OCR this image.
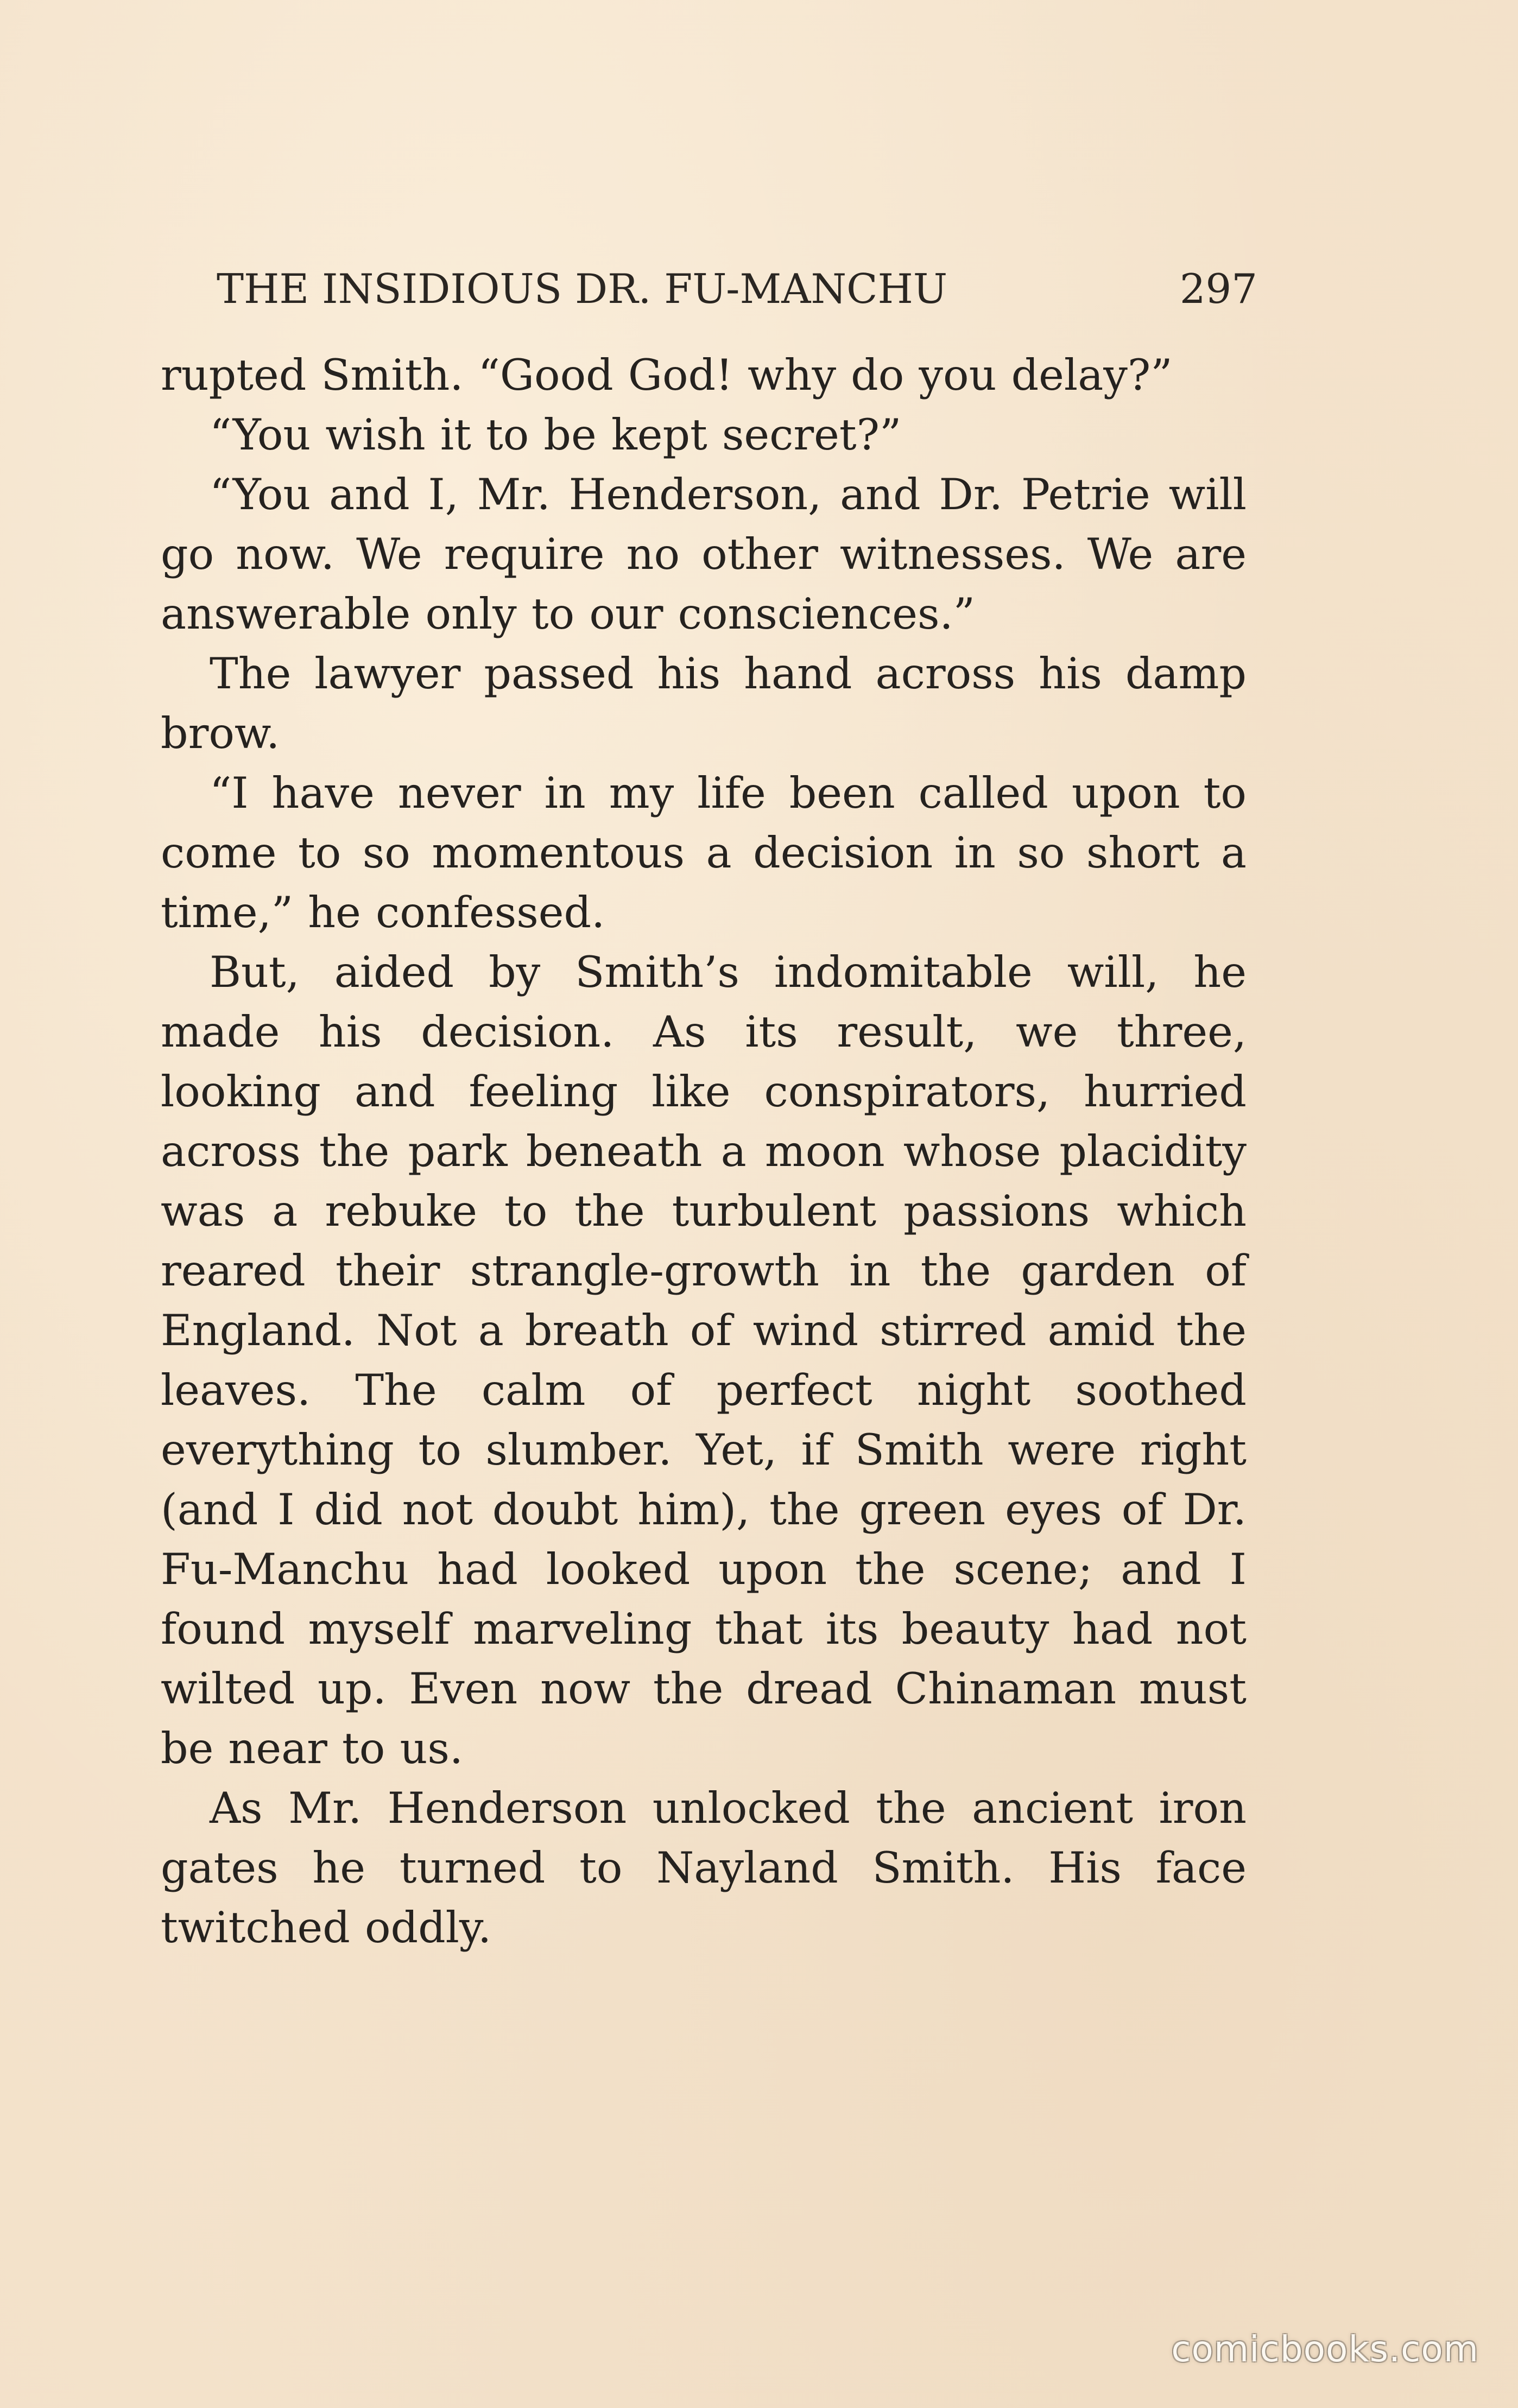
THE INSIDIOUS DR. FU-MANCHU	297

rupted Smith. “Good God! why do you delay?”

“You wish it to be kept secret?”

“You and I, Mr. Henderson, and Dr. Petrie will go now. We require no other witnesses. We are answerable only to our consciences.”

The lawyer passed his hand across his damp brow.

“I have never in my life been called upon to come to so momentous a decision in so short a time,” he confessed.

But, aided by Smith’s indomitable will, he made his decision. As its result, we three, looking and feeling like conspirators, hurried across the park beneath a moon whose placidity was a rebuke to the turbulent passions which reared their strangle-growth in the garden of England. Not a breath of wind stirred amid the leaves. The calm of perfect night soothed everything to slumber. Yet, if Smith were right (and I did not doubt him), the green eyes of Dr. Fu-Manchu had looked upon the scene; and I found myself marveling that its beauty had not wilted up. Even now the dread Chinaman must be near to us.

As Mr. Henderson unlocked the ancient iron gates he turned to Nayland Smith. His face twitched oddly.

comicbooks.com
